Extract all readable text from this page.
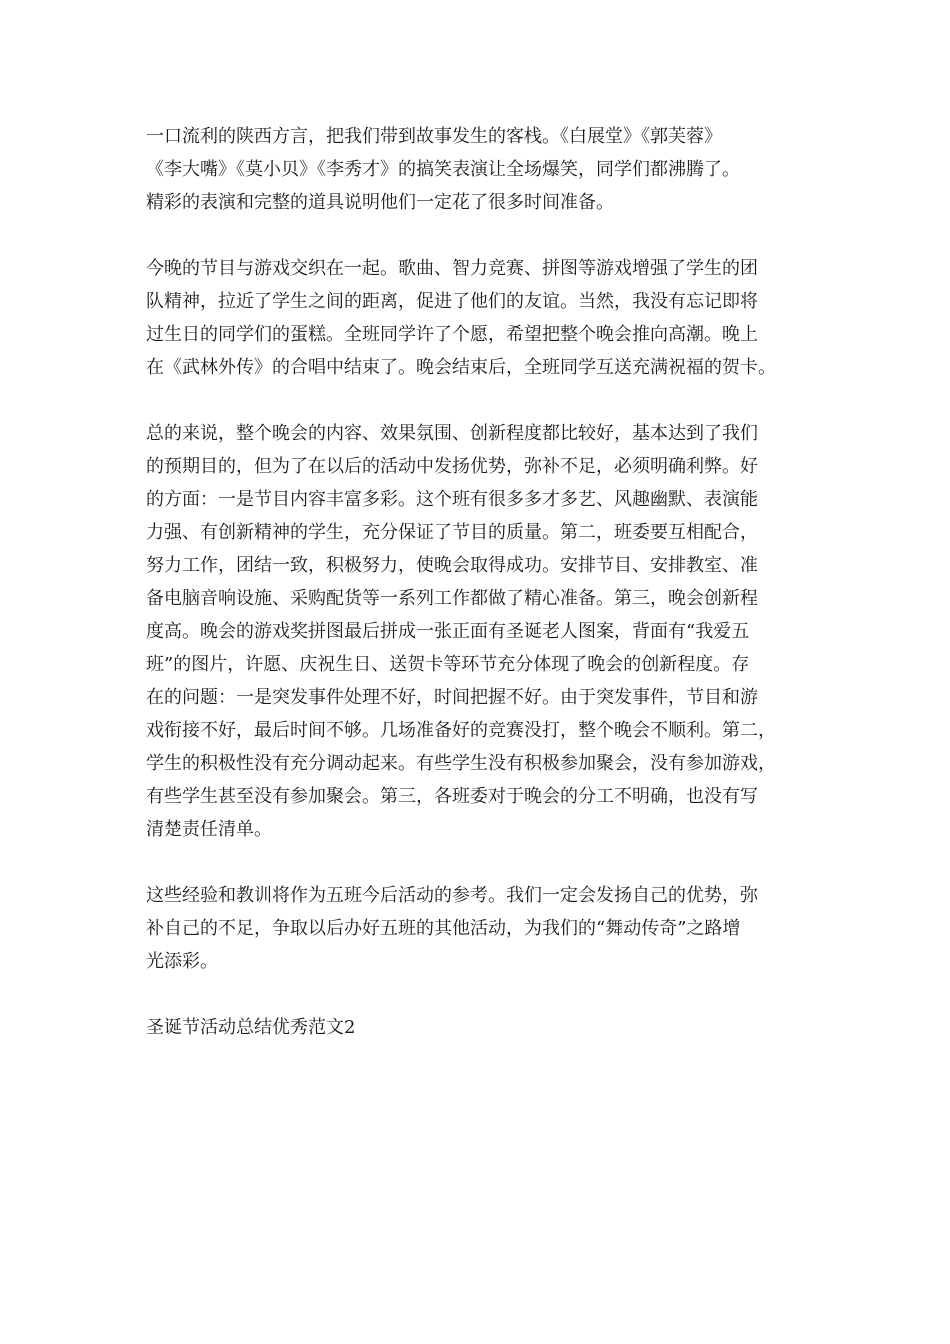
一口流利的陕西方言，把我们带到故事发生的客栈。《白展堂》《郭芙蓉》
《李大嘴》《莫小贝》《李秀才》的搞笑表演让全场爆笑，同学们都沸腾了。
精彩的表演和完整的道具说明他们一定花了很多时间准备。
今晚的节目与游戏交织在一起。歌曲、智力竞赛、拼图等游戏增强了学生的团
队精神，拉近了学生之间的距离，促进了他们的友谊。当然，我没有忘记即将
过生日的同学们的蛋糕。全班同学许了个愿，希望把整个晚会推向高潮。晚上
在《武林外传》的合唱中结束了。晚会结束后，全班同学互送充满祝福的贺卡。
总的来说，整个晚会的内容、效果氛围、创新程度都比较好，基本达到了我们
的预期目的，但为了在以后的活动中发扬优势，弥补不足，必须明确利弊。好
的方面：一是节目内容丰富多彩。这个班有很多多才多艺、风趣幽默、表演能
力强、有创新精神的学生，充分保证了节目的质量。第二，班委要互相配合，
努力工作，团结一致，积极努力，使晚会取得成功。安排节目、安排教室、准
备电脑音响设施、采购配货等一系列工作都做了精心准备。第三，晚会创新程
度高。晚会的游戏奖拼图最后拼成一张正面有圣诞老人图案，背面有“我爱五
班”的图片，许愿、庆祝生日、送贺卡等环节充分体现了晚会的创新程度。存
在的问题：一是突发事件处理不好，时间把握不好。由于突发事件，节目和游
戏衔接不好，最后时间不够。几场准备好的竞赛没打，整个晚会不顺利。第二，
学生的积极性没有充分调动起来。有些学生没有积极参加聚会，没有参加游戏，
有些学生甚至没有参加聚会。第三，各班委对于晚会的分工不明确，也没有写
清楚责任清单。
这些经验和教训将作为五班今后活动的参考。我们一定会发扬自己的优势，弥
补自己的不足，争取以后办好五班的其他活动，为我们的“舞动传奇”之路增
光添彩。
圣诞节活动总结优秀范文2
